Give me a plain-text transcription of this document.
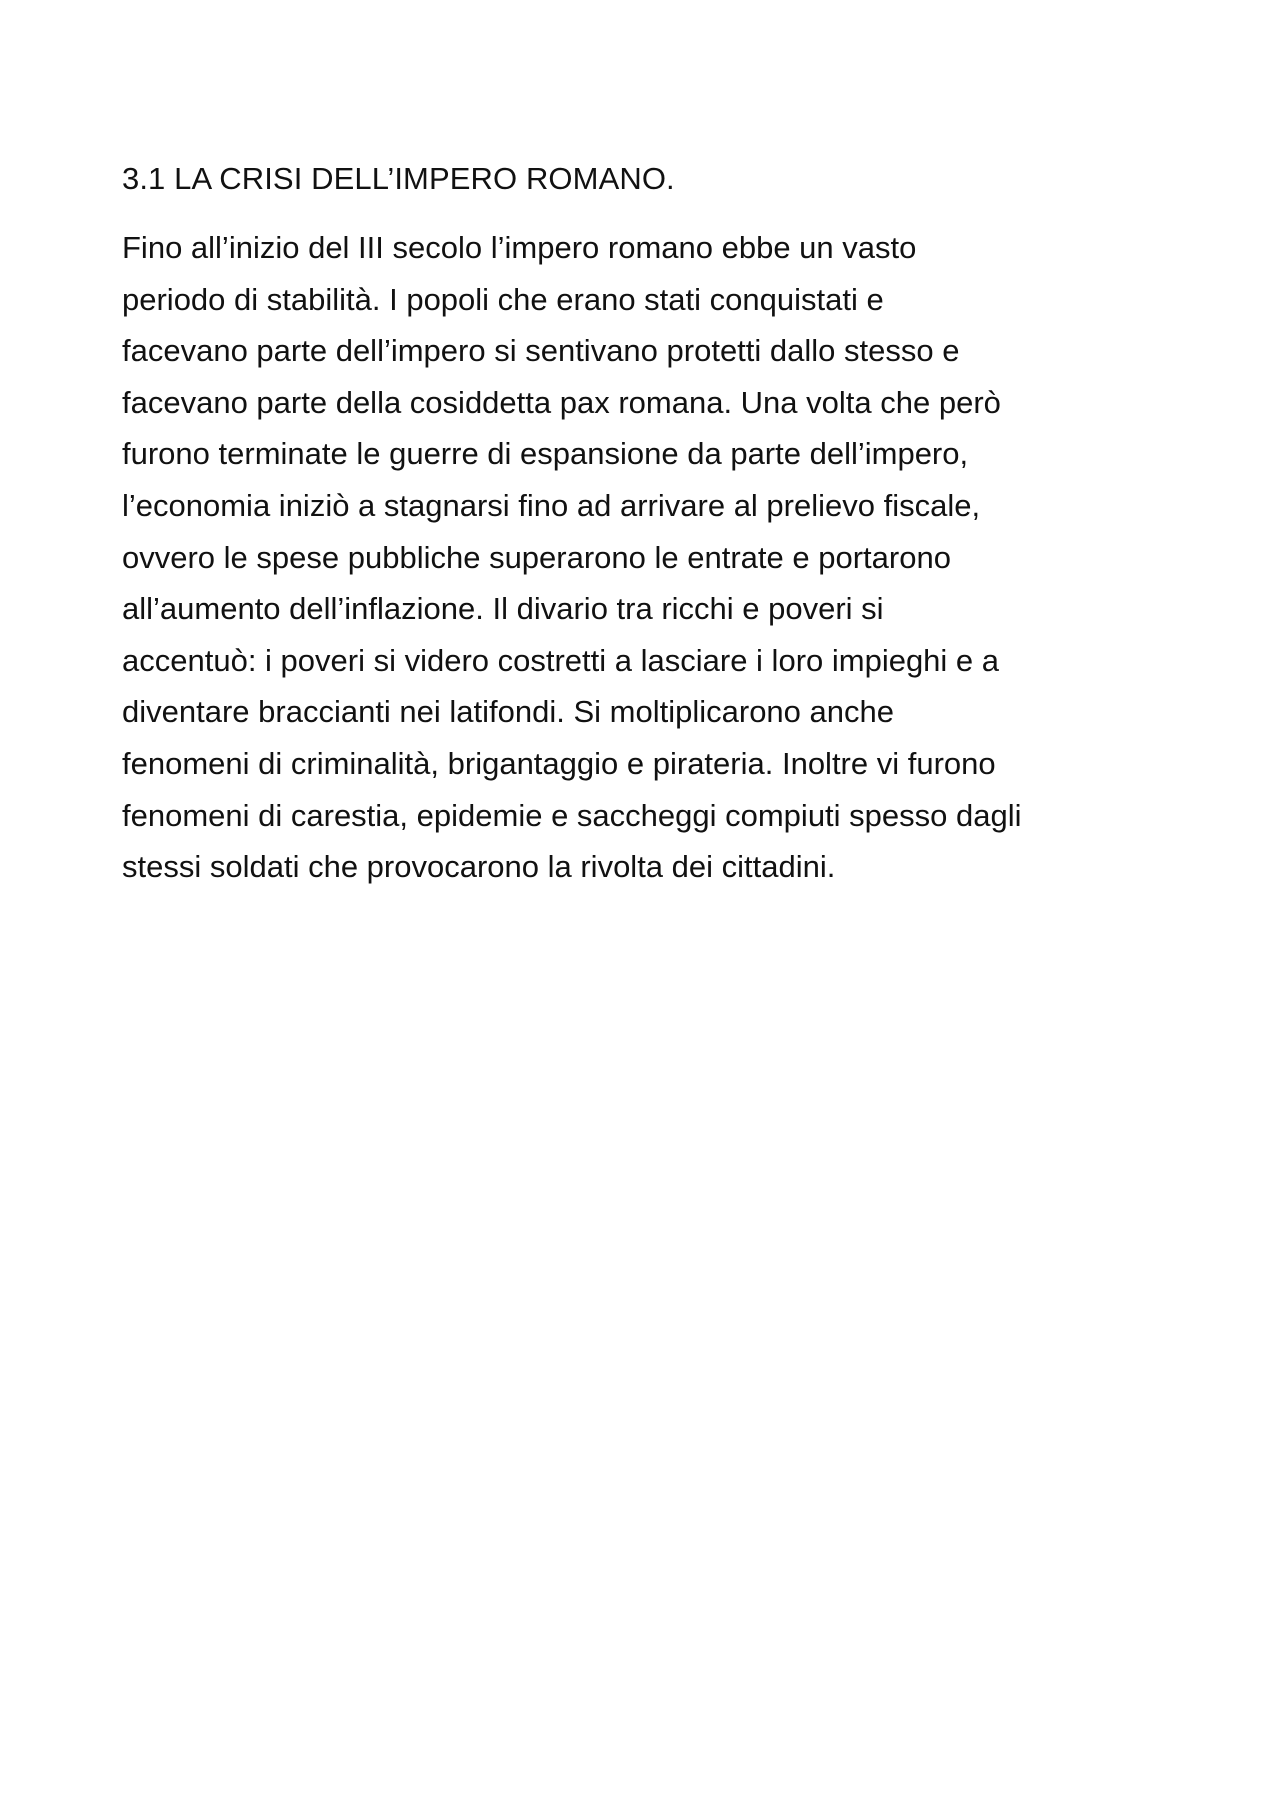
3.1 LA CRISI DELL’IMPERO ROMANO.

Fino all’inizio del III secolo l’impero romano ebbe un vasto
periodo di stabilità. I popoli che erano stati conquistati e
facevano parte dell’impero si sentivano protetti dallo stesso e
facevano parte della cosiddetta pax romana. Una volta che però
furono terminate le guerre di espansione da parte dell’impero,
l’economia iniziò a stagnarsi fino ad arrivare al prelievo fiscale,
ovvero le spese pubbliche superarono le entrate e portarono
all’aumento dell’inflazione. Il divario tra ricchi e poveri si
accentuò: i poveri si videro costretti a lasciare i loro impieghi e a
diventare braccianti nei latifondi. Si moltiplicarono anche
fenomeni di criminalità, brigantaggio e pirateria. Inoltre vi furono
fenomeni di carestia, epidemie e saccheggi compiuti spesso dagli
stessi soldati che provocarono la rivolta dei cittadini.
